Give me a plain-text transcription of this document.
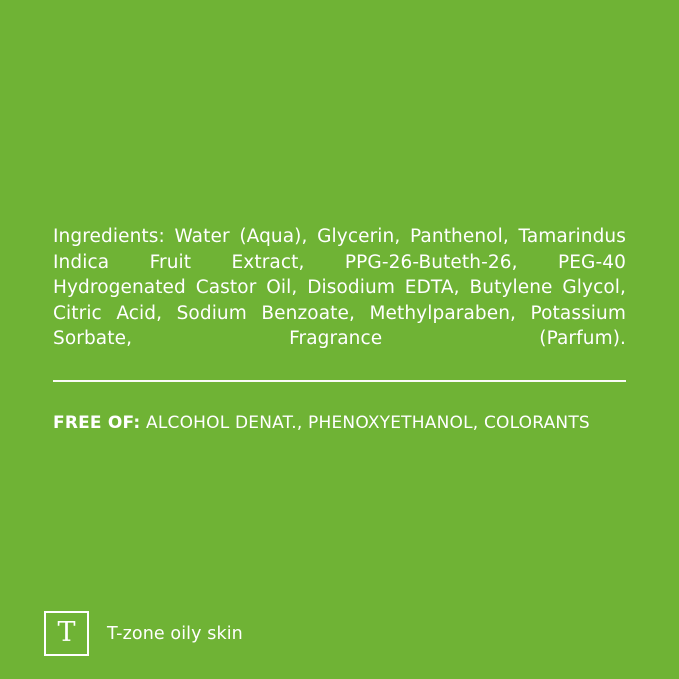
Ingredients: Water (Aqua), Glycerin, Panthenol, Tamarindus Indica Fruit Extract, PPG-26-Buteth-26, PEG-40 Hydrogenated Castor Oil, Disodium EDTA, Butylene Glycol, Citric Acid, Sodium Benzoate, Methylparaben, Potassium Sorbate, Fragrance (Parfum).

FREE OF: ALCOHOL DENAT., PHENOXYETHANOL, COLORANTS

T T-zone oily skin
